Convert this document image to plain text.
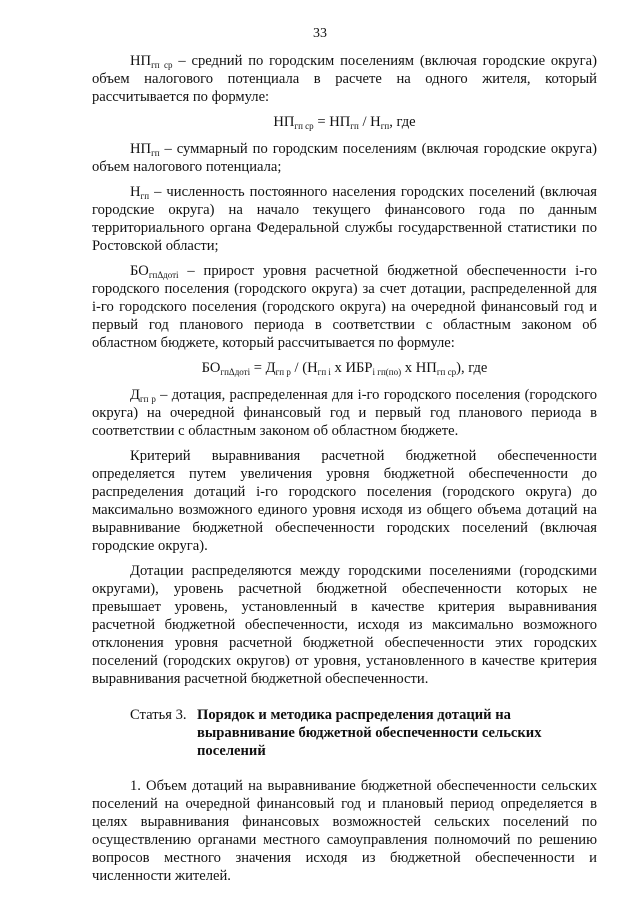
33

$НП_{гп ср}$ – средний по городским поселениям (включая городские округа) объем налогового потенциала в расчете на одного жителя, который рассчитывается по формуле:

$НП_{гп ср} = НП_{гп} / Н_{гп}$, где

$НП_{гп}$ – суммарный по городским поселениям (включая городские округа) объем налогового потенциала;

$Н_{гп}$ – численность постоянного населения городских поселений (включая городские округа) на начало текущего финансового года по данным территориального органа Федеральной службы государственной статистики по Ростовской области;

$БО_{гп\Delta дотi}$ – прирост уровня расчетной бюджетной обеспеченности i-го городского поселения (городского округа) за счет дотации, распределенной для i-го городского поселения (городского округа) на очередной финансовый год и первый год планового периода в соответствии с областным законом об областном бюджете, который рассчитывается по формуле:

$БО_{гп\Delta дотi} = Д_{гп р} / (Н_{гп i}$ х $ИБР_{i гп(по)}$ х $НП_{гп ср}$), где

$Д_{гп р}$ – дотация, распределенная для i-го городского поселения (городского округа) на очередной финансовый год и первый год планового периода в соответствии с областным законом об областном бюджете.

Критерий выравнивания расчетной бюджетной обеспеченности определяется путем увеличения уровня бюджетной обеспеченности до распределения дотаций i-го городского поселения (городского округа) до максимально возможного единого уровня исходя из общего объема дотаций на выравнивание бюджетной обеспеченности городских поселений (включая городские округа).

Дотации распределяются между городскими поселениями (городскими округами), уровень расчетной бюджетной обеспеченности которых не превышает уровень, установленный в качестве критерия выравнивания расчетной бюджетной обеспеченности, исходя из максимально возможного отклонения уровня расчетной бюджетной обеспеченности этих городских поселений (городских округов) от уровня, установленного в качестве критерия выравнивания расчетной бюджетной обеспеченности.

Статья 3. Порядок и методика распределения дотаций на выравнивание бюджетной обеспеченности сельских поселений

1. Объем дотаций на выравнивание бюджетной обеспеченности сельских поселений на очередной финансовый год и плановый период определяется в целях выравнивания финансовых возможностей сельских поселений по осуществлению органами местного самоуправления полномочий по решению вопросов местного значения исходя из бюджетной обеспеченности и численности жителей.
